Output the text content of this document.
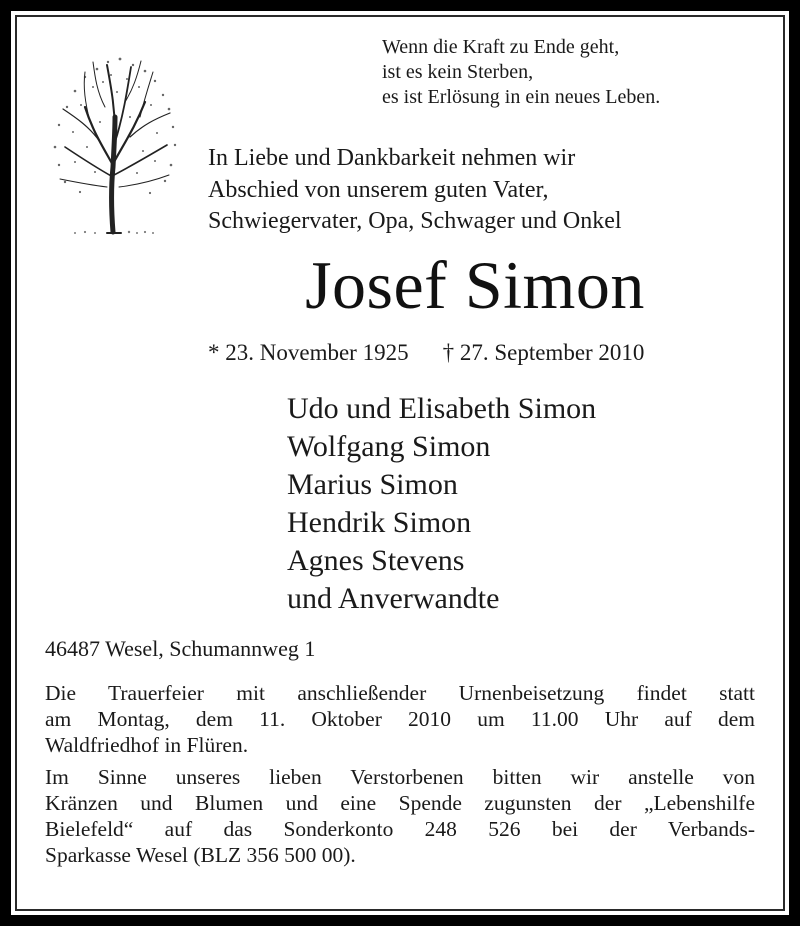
Wenn die Kraft zu Ende geht,
ist es kein Sterben,
es ist Erlösung in ein neues Leben.
In Liebe und Dankbarkeit nehmen wir
Abschied von unserem guten Vater,
Schwiegervater, Opa, Schwager und Onkel
Josef Simon
* 23. November 1925 † 27. September 2010
Udo und Elisabeth Simon
Wolfgang Simon
Marius Simon
Hendrik Simon
Agnes Stevens
und Anverwandte
46487 Wesel, Schumannweg 1
Die Trauerfeier mit anschließender Urnenbeisetzung findet statt
am Montag, dem 11. Oktober 2010 um 11.00 Uhr auf dem
Waldfriedhof in Flüren.
Im Sinne unseres lieben Verstorbenen bitten wir anstelle von
Kränzen und Blumen und eine Spende zugunsten der „Lebenshilfe
Bielefeld“ auf das Sonderkonto 248 526 bei der Verbands-
Sparkasse Wesel (BLZ 356 500 00).
